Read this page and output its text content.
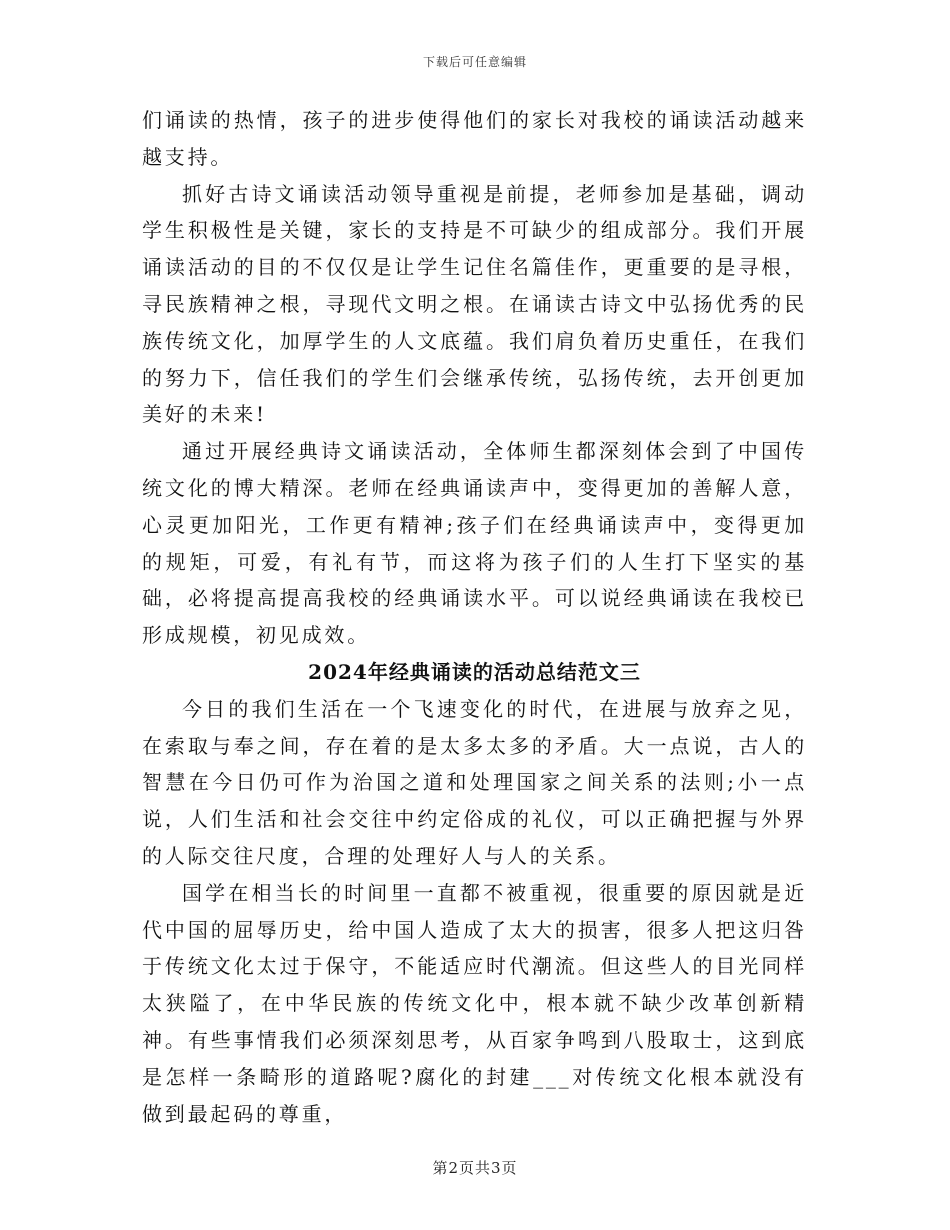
下载后可任意编辑

们诵读的热情，孩子的进步使得他们的家长对我校的诵读活动越来越支持。

抓好古诗文诵读活动领导重视是前提，老师参加是基础，调动学生积极性是关键，家长的支持是不可缺少的组成部分。我们开展诵读活动的目的不仅仅是让学生记住名篇佳作，更重要的是寻根，寻民族精神之根，寻现代文明之根。在诵读古诗文中弘扬优秀的民族传统文化，加厚学生的人文底蕴。我们肩负着历史重任，在我们的努力下，信任我们的学生们会继承传统，弘扬传统，去开创更加美好的未来!

通过开展经典诗文诵读活动，全体师生都深刻体会到了中国传统文化的博大精深。老师在经典诵读声中，变得更加的善解人意，心灵更加阳光，工作更有精神;孩子们在经典诵读声中，变得更加的规矩，可爱，有礼有节，而这将为孩子们的人生打下坚实的基础，必将提高提高我校的经典诵读水平。可以说经典诵读在我校已形成规模，初见成效。

2024年经典诵读的活动总结范文三

今日的我们生活在一个飞速变化的时代，在进展与放弃之见，在索取与奉之间，存在着的是太多太多的矛盾。大一点说，古人的智慧在今日仍可作为治国之道和处理国家之间关系的法则;小一点说，人们生活和社会交往中约定俗成的礼仪，可以正确把握与外界的人际交往尺度，合理的处理好人与人的关系。

国学在相当长的时间里一直都不被重视，很重要的原因就是近代中国的屈辱历史，给中国人造成了太大的损害，很多人把这归咎于传统文化太过于保守，不能适应时代潮流。但这些人的目光同样太狭隘了，在中华民族的传统文化中，根本就不缺少改革创新精神。有些事情我们必须深刻思考，从百家争鸣到八股取士，这到底是怎样一条畸形的道路呢?腐化的封建___对传统文化根本就没有做到最起码的尊重，

第2页共3页
